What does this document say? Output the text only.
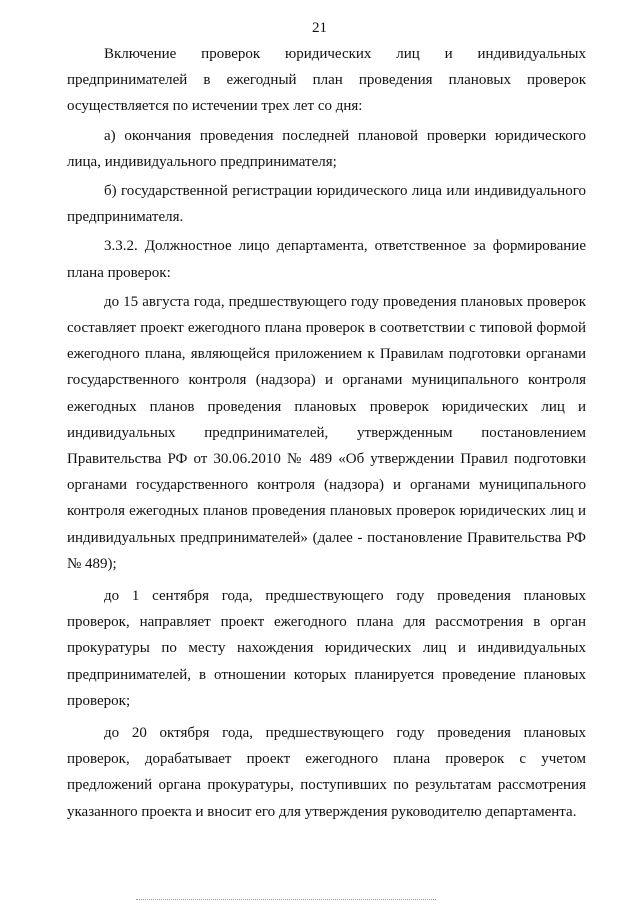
21

Включение проверок юридических лиц и индивидуальных предпринимателей в ежегодный план проведения плановых проверок осуществляется по истечении трех лет со дня:

а) окончания проведения последней плановой проверки юридического лица, индивидуального предпринимателя;

б) государственной регистрации юридического лица или индивидуального предпринимателя.

3.3.2. Должностное лицо департамента, ответственное за формирование плана проверок:

до 15 августа года, предшествующего году проведения плановых проверок составляет проект ежегодного плана проверок в соответствии с типовой формой ежегодного плана, являющейся приложением к Правилам подготовки органами государственного контроля (надзора) и органами муниципального контроля ежегодных планов проведения плановых проверок юридических лиц и индивидуальных предпринимателей, утвержденным постановлением Правительства РФ от 30.06.2010 № 489 «Об утверждении Правил подготовки органами государственного контроля (надзора) и органами муниципального контроля ежегодных планов проведения плановых проверок юридических лиц и индивидуальных предпринимателей» (далее - постановление Правительства РФ № 489);

до 1 сентября года, предшествующего году проведения плановых проверок, направляет проект ежегодного плана для рассмотрения в орган прокуратуры по месту нахождения юридических лиц и индивидуальных предпринимателей, в отношении которых планируется проведение плановых проверок;

до 20 октября года, предшествующего году проведения плановых проверок, дорабатывает проект ежегодного плана проверок с учетом предложений органа прокуратуры, поступивших по результатам рассмотрения указанного проекта и вносит его для утверждения руководителю департамента.
